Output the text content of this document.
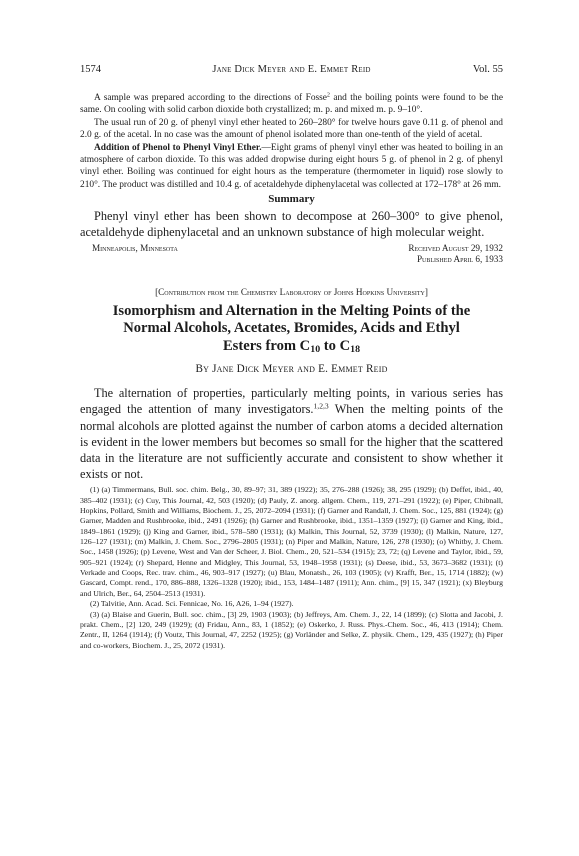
1574	Jane Dick Meyer and E. Emmet Reid	Vol. 55

A sample was prepared according to the directions of Fosse$^2$ and the boiling points were found to be the same. On cooling with solid carbon dioxide both crystallized; m. p. and mixed m. p. 9–10°.

The usual run of 20 g. of phenyl vinyl ether heated to 260–280° for twelve hours gave 0.11 g. of phenol and 2.0 g. of the acetal. In no case was the amount of phenol isolated more than one-tenth of the yield of acetal.

Addition of Phenol to Phenyl Vinyl Ether.—Eight grams of phenyl vinyl ether was heated to boiling in an atmosphere of carbon dioxide. To this was added dropwise during eight hours 5 g. of phenol in 2 g. of phenyl vinyl ether. Boiling was continued for eight hours as the temperature (thermometer in liquid) rose slowly to 210°. The product was distilled and 10.4 g. of acetaldehyde diphenylacetal was collected at 172–178° at 26 mm.

Summary

Phenyl vinyl ether has been shown to decompose at 260–300° to give phenol, acetaldehyde diphenylacetal and an unknown substance of high molecular weight.

Minneapolis, Minnesota	Received August 29, 1932
Published April 6, 1933
[Contribution from the Chemistry Laboratory of Johns Hopkins University]
Isomorphism and Alternation in the Melting Points of the
Normal Alcohols, Acetates, Bromides, Acids and Ethyl
Esters from $C_{10}$ to $C_{18}$
By Jane Dick Meyer and E. Emmet Reid

The alternation of properties, particularly melting points, in various series has engaged the attention of many investigators.$^{1,2,3}$ When the melting points of the normal alcohols are plotted against the number of carbon atoms a decided alternation is evident in the lower members but becomes so small for the higher that the scattered data in the literature are not sufficiently accurate and consistent to show whether it exists or not.

(1) (a) Timmermans, Bull. soc. chim. Belg., 30, 89–97; 31, 389 (1922); 35, 276–288 (1926); 38, 295 (1929); (b) Deffet, ibid., 40, 385–402 (1931); (c) Cuy, This Journal, 42, 503 (1920); (d) Pauly, Z. anorg. allgem. Chem., 119, 271–291 (1922); (e) Piper, Chibnall, Hopkins, Pollard, Smith and Williams, Biochem. J., 25, 2072–2094 (1931); (f) Garner and Randall, J. Chem. Soc., 125, 881 (1924); (g) Garner, Madden and Rushbrooke, ibid., 2491 (1926); (h) Garner and Rushbrooke, ibid., 1351–1359 (1927); (i) Garner and King, ibid., 1849–1861 (1929); (j) King and Garner, ibid., 578–580 (1931); (k) Malkin, This Journal, 52, 3739 (1930); (l) Malkin, Nature, 127, 126–127 (1931); (m) Malkin, J. Chem. Soc., 2796–2805 (1931); (n) Piper and Malkin, Nature, 126, 278 (1930); (o) Whitby, J. Chem. Soc., 1458 (1926); (p) Levene, West and Van der Scheer, J. Biol. Chem., 20, 521–534 (1915); 23, 72; (q) Levene and Taylor, ibid., 59, 905–921 (1924); (r) Shepard, Henne and Midgley, This Journal, 53, 1948–1958 (1931); (s) Deese, ibid., 53, 3673–3682 (1931); (t) Verkade and Coops, Rec. trav. chim., 46, 903–917 (1927); (u) Blau, Monatsh., 26, 103 (1905); (v) Krafft, Ber., 15, 1714 (1882); (w) Gascard, Compt. rend., 170, 886–888, 1326–1328 (1920); ibid., 153, 1484–1487 (1911); Ann. chim., [9] 15, 347 (1921); (x) Bleyburg and Ulrich, Ber., 64, 2504–2513 (1931).

(2) Talvitie, Ann. Acad. Sci. Fennicae, No. 16, A26, 1–94 (1927).

(3) (a) Blaise and Guerin, Bull. soc. chim., [3] 29, 1903 (1903); (b) Jeffreys, Am. Chem. J., 22, 14 (1899); (c) Slotta and Jacobi, J. prakt. Chem., [2] 120, 249 (1929); (d) Fridau, Ann., 83, 1 (1852); (e) Oskerko, J. Russ. Phys.-Chem. Soc., 46, 413 (1914); Chem. Zentr., II, 1264 (1914); (f) Voutz, This Journal, 47, 2252 (1925); (g) Vorländer and Selke, Z. physik. Chem., 129, 435 (1927); (h) Piper and co-workers, Biochem. J., 25, 2072 (1931).
